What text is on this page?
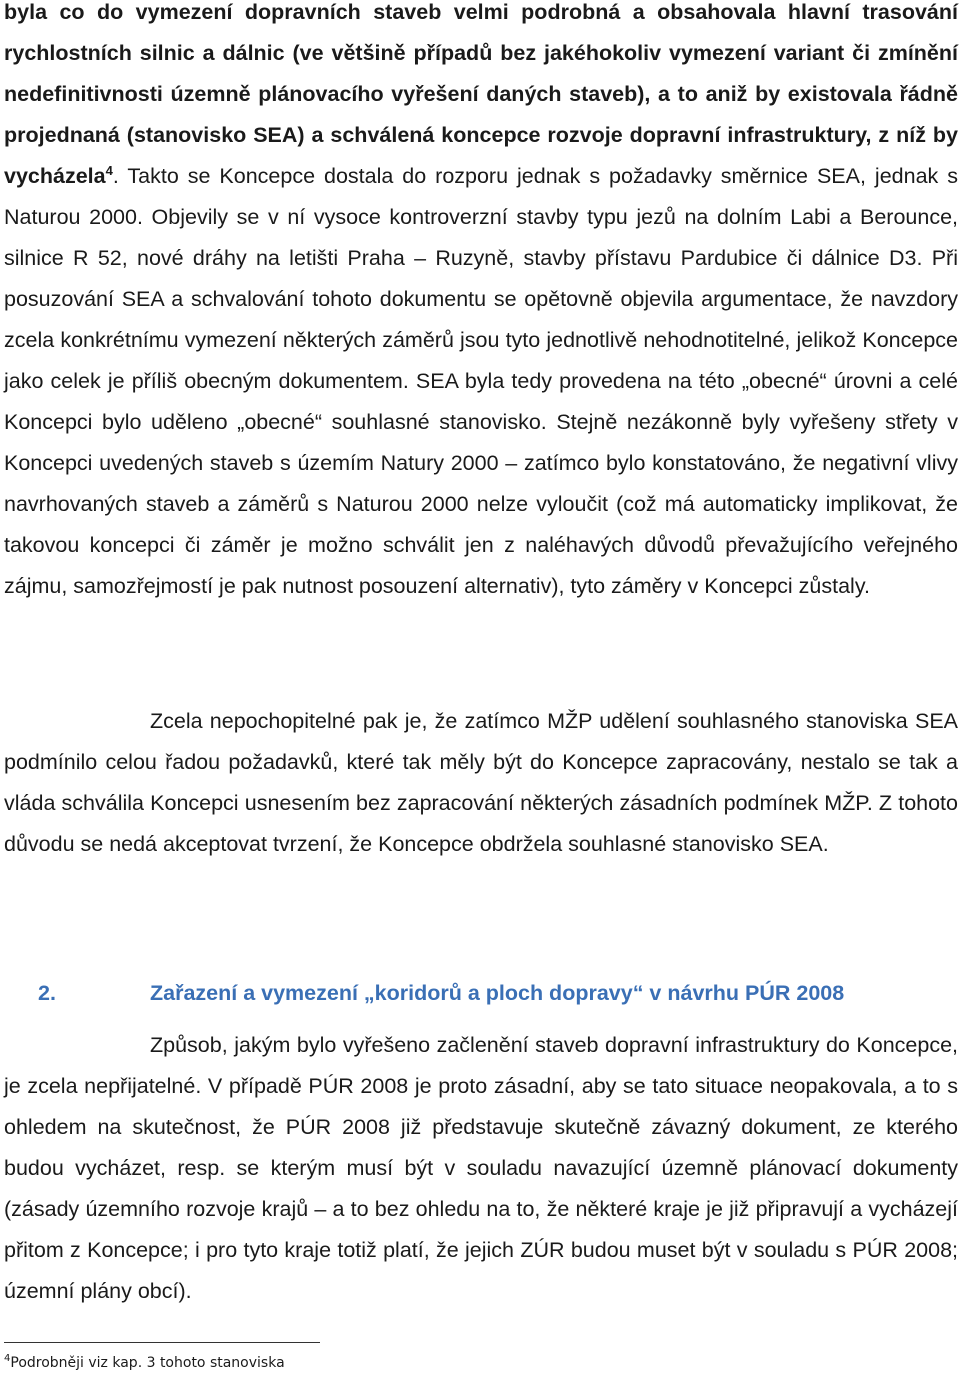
byla co do vymezení dopravních staveb velmi podrobná a obsahovala hlavní trasování rychlostních silnic a dálnic (ve většině případů bez jakéhokoliv vymezení variant či zmínění nedefinitivnosti územně plánovacího vyřešení daných staveb), a to aniž by existovala řádně projednaná (stanovisko SEA) a schválená koncepce rozvoje dopravní infrastruktury, z níž by vycházela$^4$. Takto se Koncepce dostala do rozporu jednak s požadavky směrnice SEA, jednak s Naturou 2000. Objevily se v ní vysoce kontroverzní stavby typu jezů na dolním Labi a Berounce, silnice R 52, nové dráhy na letišti Praha – Ruzyně, stavby přístavu Pardubice či dálnice D3. Při posuzování SEA a schvalování tohoto dokumentu se opětovně objevila argumentace, že navzdory zcela konkrétnímu vymezení některých záměrů jsou tyto jednotlivě nehodnotitelné, jelikož Koncepce jako celek je příliš obecným dokumentem. SEA byla tedy provedena na této „obecné“ úrovni a celé Koncepci bylo uděleno „obecné“ souhlasné stanovisko. Stejně nezákonně byly vyřešeny střety v Koncepci uvedených staveb s územím Natury 2000 – zatímco bylo konstatováno, že negativní vlivy navrhovaných staveb a záměrů s Naturou 2000 nelze vyloučit (což má automaticky implikovat, že takovou koncepci či záměr je možno schválit jen z naléhavých důvodů převažujícího veřejného zájmu, samozřejmostí je pak nutnost posouzení alternativ), tyto záměry v Koncepci zůstaly.

Zcela nepochopitelné pak je, že zatímco MŽP udělení souhlasného stanoviska SEA podmínilo celou řadou požadavků, které tak měly být do Koncepce zapracovány, nestalo se tak a vláda schválila Koncepci usnesením bez zapracování některých zásadních podmínek MŽP. Z tohoto důvodu se nedá akceptovat tvrzení, že Koncepce obdržela souhlasné stanovisko SEA.

2.	Zařazení a vymezení „koridorů a ploch dopravy“ v návrhu PÚR 2008

Způsob, jakým bylo vyřešeno začlenění staveb dopravní infrastruktury do Koncepce, je zcela nepřijatelné. V případě PÚR 2008 je proto zásadní, aby se tato situace neopakovala, a to s ohledem na skutečnost, že PÚR 2008 již představuje skutečně závazný dokument, ze kterého budou vycházet, resp. se kterým musí být v souladu navazující územně plánovací dokumenty (zásady územního rozvoje krajů – a to bez ohledu na to, že některé kraje je již připravují a vycházejí přitom z Koncepce; i pro tyto kraje totiž platí, že jejich ZÚR budou muset být v souladu s PÚR 2008; územní plány obcí).

$^4$Podrobněji viz kap. 3 tohoto stanoviska
